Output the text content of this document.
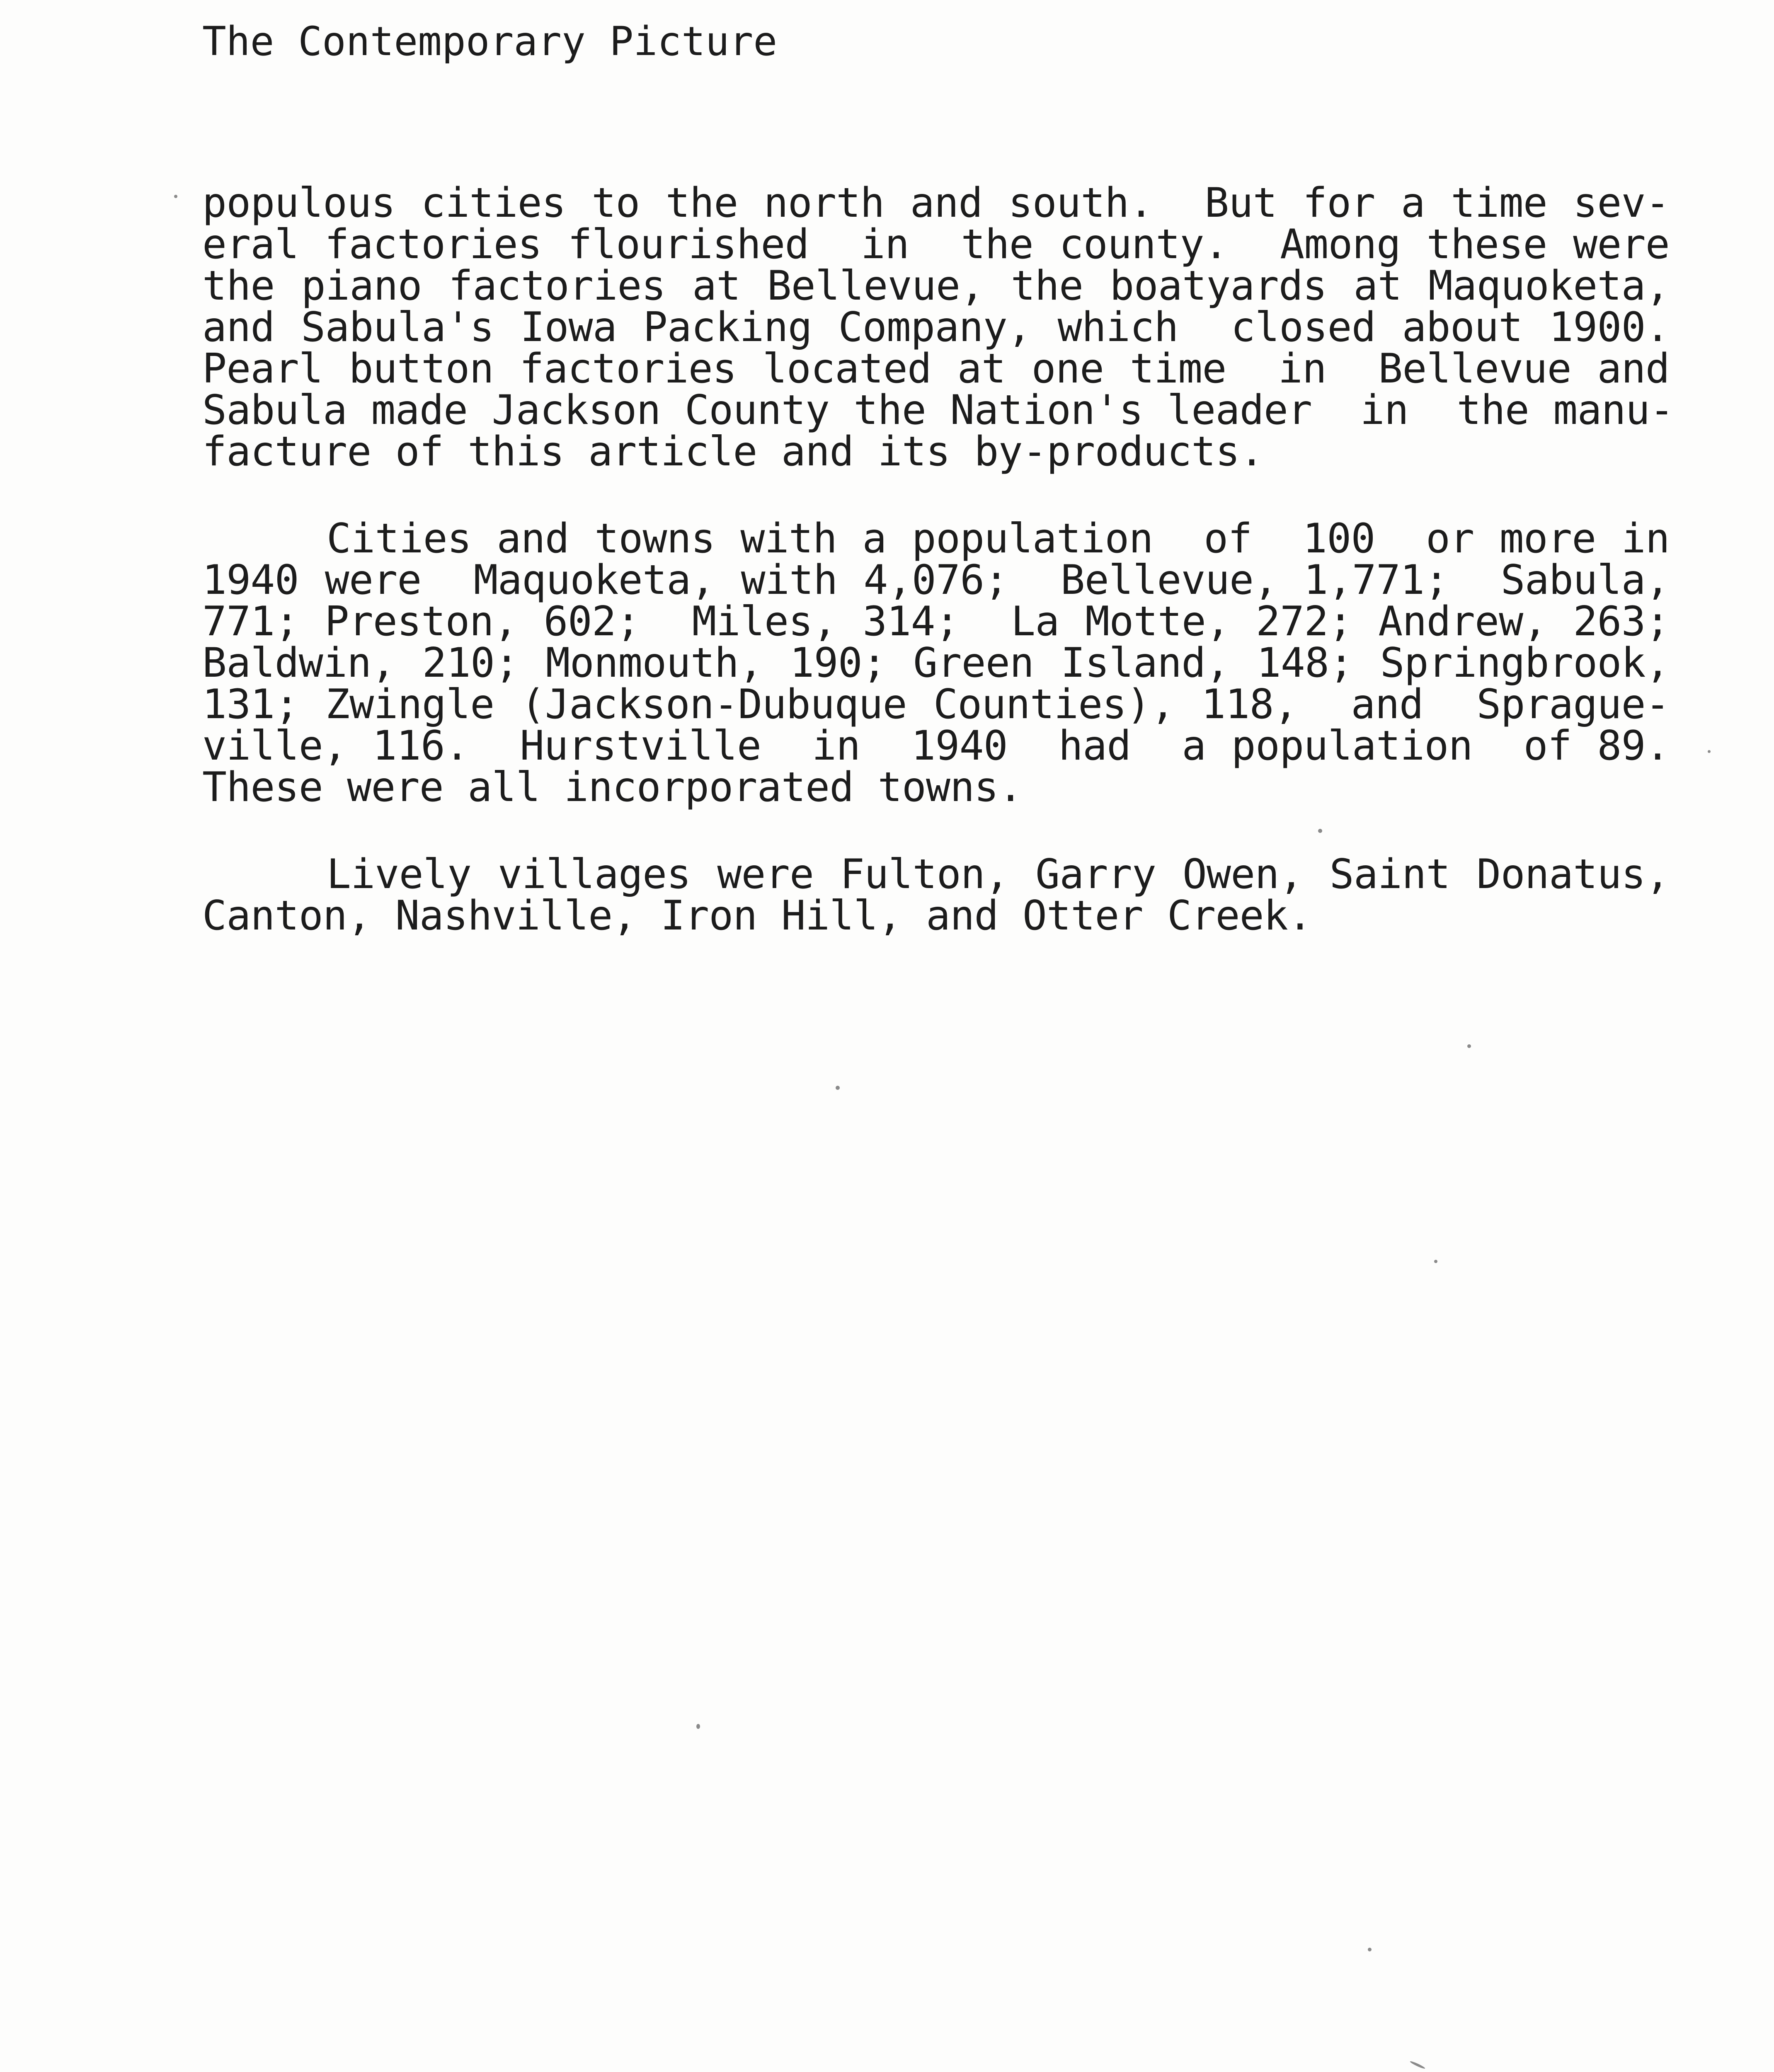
The Contemporary Picture
populous cities to the north and south.  But for a time sev-
eral factories flourished  in  the county.  Among these were
the piano factories at Bellevue, the boatyards at Maquoketa,
and Sabula's Iowa Packing Company, which  closed about 1900.
Pearl button factories located at one time  in  Bellevue and
Sabula made Jackson County the Nation's leader  in  the manu-
facture of this article and its by-products.
Cities and towns with a population  of  100  or more in
1940 were  Maquoketa, with 4,076;  Bellevue, 1,771;  Sabula,
771; Preston, 602;  Miles, 314;  La Motte, 272; Andrew, 263;
Baldwin, 210; Monmouth, 190; Green Island, 148; Springbrook,
131; Zwingle (Jackson-Dubuque Counties), 118,  and  Sprague-
ville, 116.  Hurstville  in  1940  had  a population  of 89.
These were all incorporated towns.
Lively villages were Fulton, Garry Owen, Saint Donatus,
Canton, Nashville, Iron Hill, and Otter Creek.
